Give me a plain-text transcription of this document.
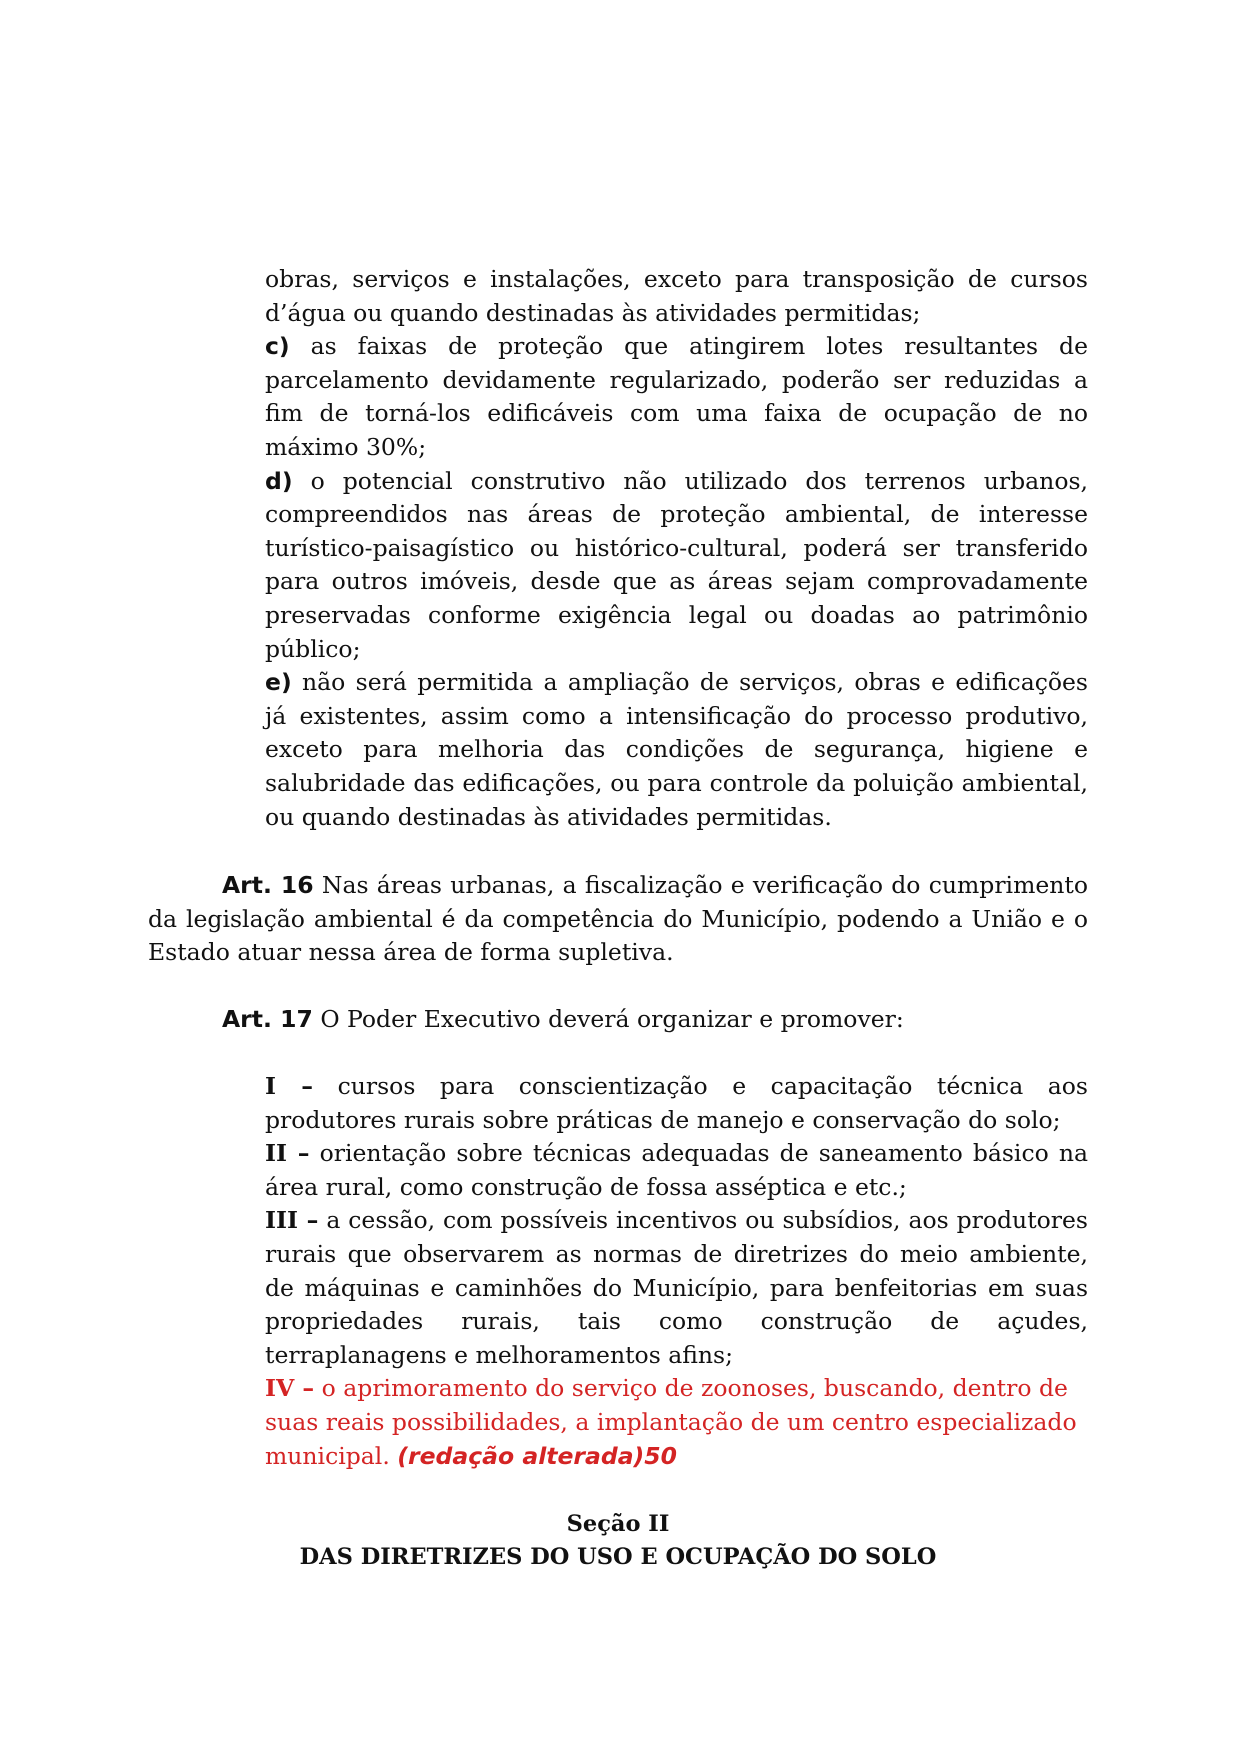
obras, serviços e instalações, exceto para transposição de cursos d’água ou quando destinadas às atividades permitidas;

c) as faixas de proteção que atingirem lotes resultantes de parcelamento devidamente regularizado, poderão ser reduzidas a fim de torná-los edificáveis com uma faixa de ocupação de no máximo 30%;

d) o potencial construtivo não utilizado dos terrenos urbanos, compreendidos nas áreas de proteção ambiental, de interesse turístico-paisagístico ou histórico-cultural, poderá ser transferido para outros imóveis, desde que as áreas sejam comprovadamente preservadas conforme exigência legal ou doadas ao patrimônio público;

e) não será permitida a ampliação de serviços, obras e edificações já existentes, assim como a intensificação do processo produtivo, exceto para melhoria das condições de segurança, higiene e salubridade das edificações, ou para controle da poluição ambiental, ou quando destinadas às atividades permitidas.

Art. 16 Nas áreas urbanas, a fiscalização e verificação do cumprimento da legislação ambiental é da competência do Município, podendo a União e o Estado atuar nessa área de forma supletiva.

Art. 17 O Poder Executivo deverá organizar e promover:

I – cursos para conscientização e capacitação técnica aos produtores rurais sobre práticas de manejo e conservação do solo;

II – orientação sobre técnicas adequadas de saneamento básico na área rural, como construção de fossa asséptica e etc.;

III – a cessão, com possíveis incentivos ou subsídios, aos produtores rurais que observarem as normas de diretrizes do meio ambiente, de máquinas e caminhões do Município, para benfeitorias em suas propriedades rurais, tais como construção de açudes, terraplanagens e melhoramentos afins;

IV – o aprimoramento do serviço de zoonoses, buscando, dentro de suas reais possibilidades, a implantação de um centro especializado municipal. (redação alterada)50

Seção II
DAS DIRETRIZES DO USO E OCUPAÇÃO DO SOLO
